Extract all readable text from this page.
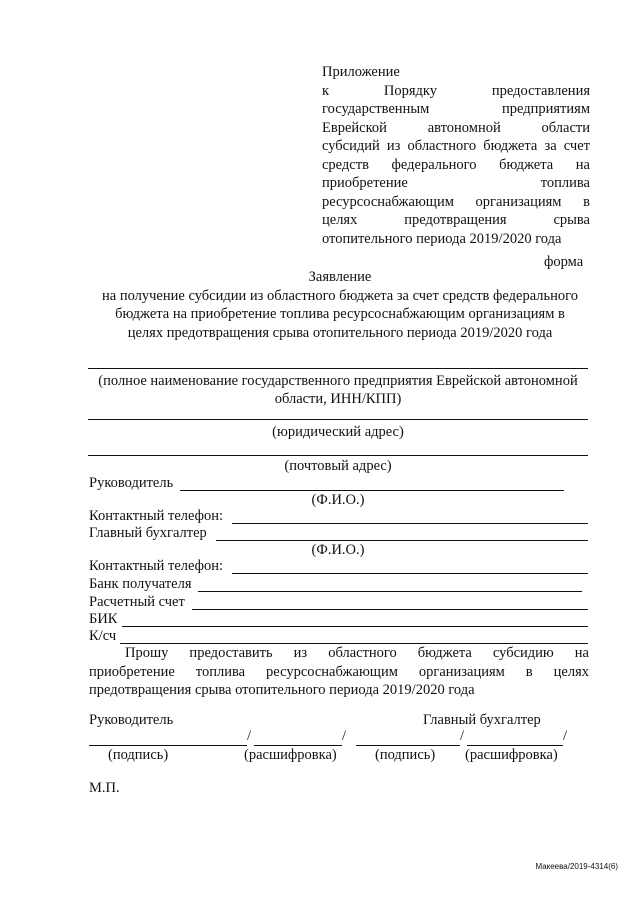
Приложение
к Порядку предоставления
государственным предприятиям
Еврейской автономной области
субсидий из областного бюджета за счет
средств федерального бюджета на
приобретение топлива
ресурсоснабжающим организациям в
целях предотвращения срыва
отопительного периода 2019/2020 года
форма
Заявление
на получение субсидии из областного бюджета за счет средств федерального
бюджета на приобретение топлива ресурсоснабжающим организациям в
целях предотвращения срыва отопительного периода 2019/2020 года
(полное наименование государственного предприятия Еврейской автономной
области, ИНН/КПП)
(юридический адрес)
(почтовый адрес)
Руководитель
(Ф.И.О.)
Контактный телефон:
Главный бухгалтер
(Ф.И.О.)
Контактный телефон:
Банк получателя
Расчетный счет
БИК
К/сч
Прошу предоставить из областного бюджета субсидию на
приобретение топлива ресурсоснабжающим организациям в целях
предотвращения срыва отопительного периода 2019/2020 года
Руководитель	Главный бухгалтер
/	/	/	/
(подпись)	(расшифровка)	(подпись) (расшифровка)
М.П.
Макеева/2019-4314(6)
